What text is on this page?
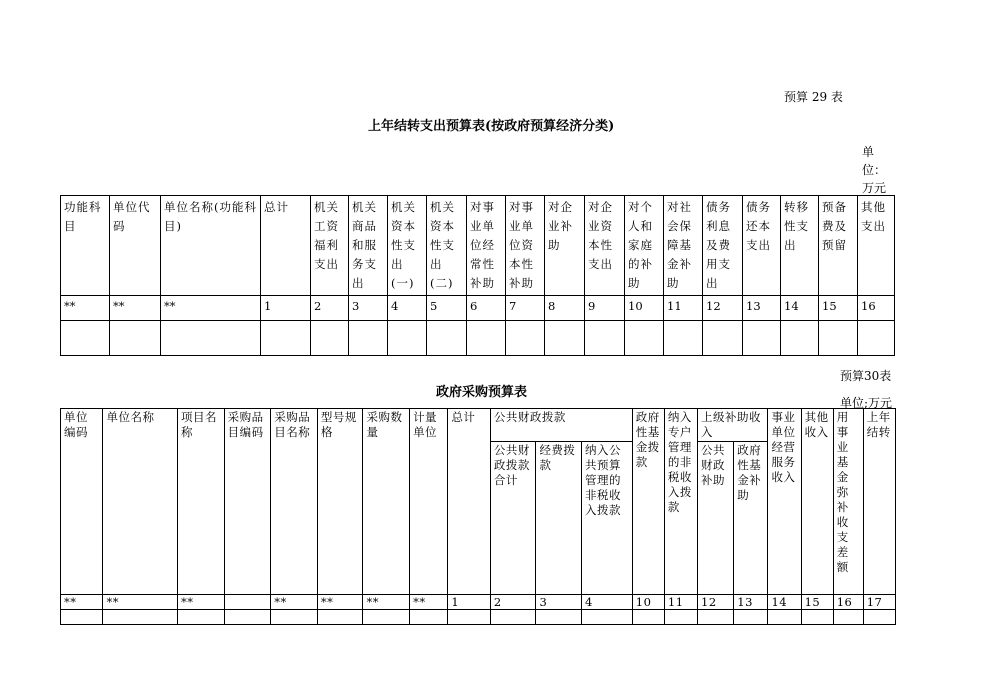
预算 29 表
上年结转支出预算表(按政府预算经济分类)
单
位：
万元
功能科目	单位代码	单位名称(功能科目)	总计	机关工资福利支出	机关商品和服务支出	机关资本性支出(一)	机关资本性支出(二)	对事业单位经常性补助	对事业单位资本性补助	对企业补助	对企业资本性支出	对个人和家庭的补助	对社会保障基金补助	债务利息及费用支出	债务还本支出	转移性支出	预备费及预留	其他支出
**	**	**	1	2	3	4	5	6	7	8	9	10	11	12	13	14	15	16

预算30表
政府采购预算表
单位;万元
单位编码	单位名称	项目名称	采购品目编码	采购品目名称	型号规格	采购数量	计量单位	总计	公共财政拨款			政府性基金拨款	纳入专户管理的非税收入拨款	上级补助收入		事业单位经营服务收入	其他收入	用事业基金弥补收支差额	上年结转
									公共财政拨款合计	经费拨款	纳入公共预算管理的非税收入拨款			公共财政补助	政府性基金补助				
**	**	**		**	**	**	**	1	2	3	4	10	11	12	13	14	15	16	17
